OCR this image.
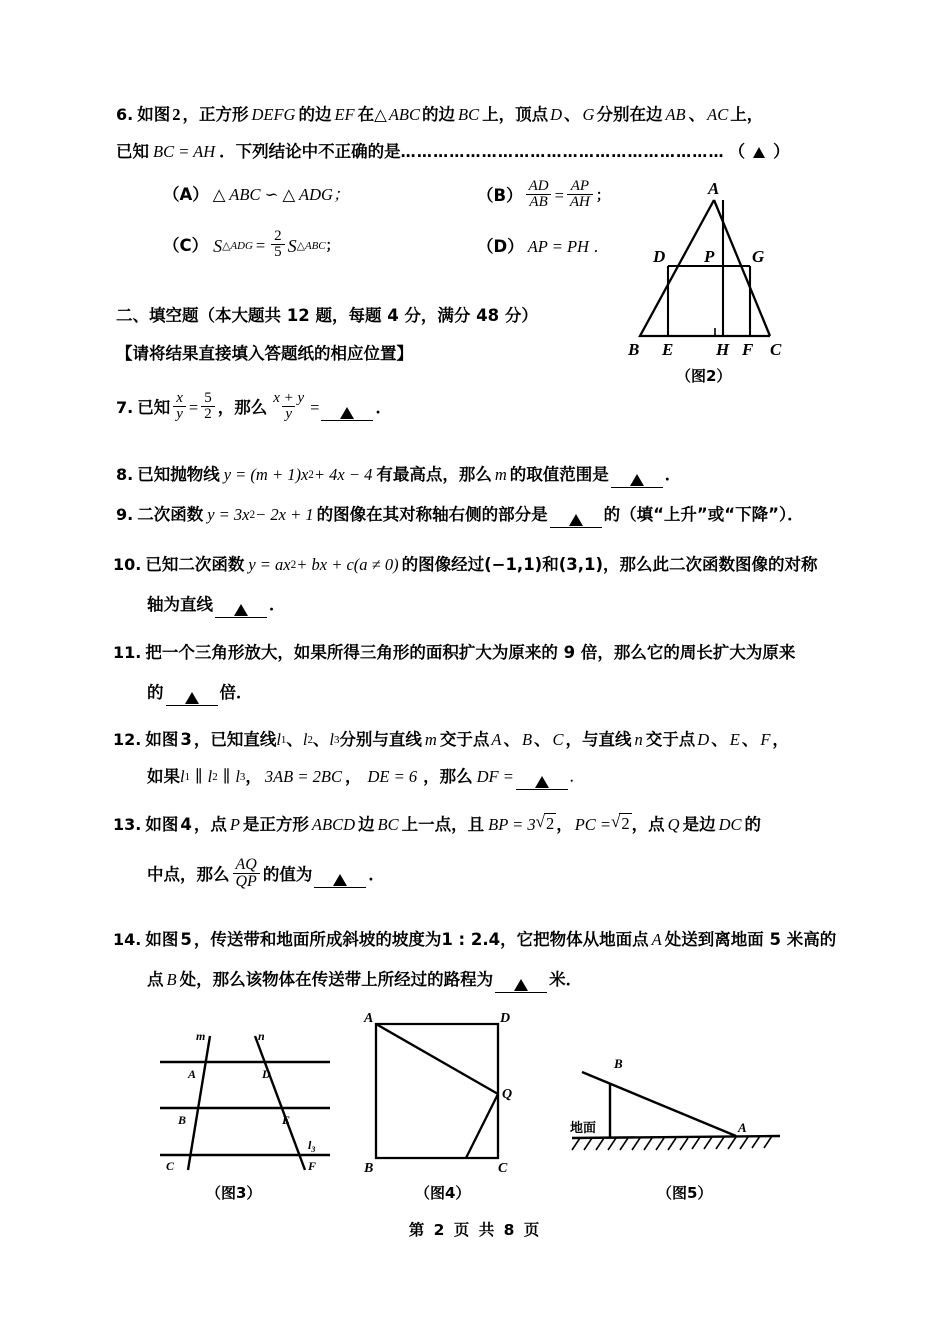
6. 如图 2 ，正方形 DEFG 的边 EF 在△ ABC 的边 BC 上，顶点 D 、 G 分别在边 AB 、 AC 上，
已知 BC = AH ．下列结论中不正确的是 …………………………………………………… （ ）
（A） △ ABC ∽ △ ADG；	$(B) \frac{AD}{AB} = \frac{AP}{AH}$ ；
（C） S △ADG = $\frac{2}{5}$ S △ABC ；	（D） AP = PH ．
A
B	C
D
E	F
G
H
P
（图2）
二、填空题（本大题共 12 题，每题 4 分，满分 48 分）
【请将结果直接填入答题纸的相应位置】
7. 已知 $\frac{x}{y} = \frac{5}{2}$ ，那么 $\frac{x + y}{y}$ =	．
8. 已知抛物线 y = (m + 1)x 2 + 4x − 4 有最高点，那么 m 的取值范围是	．
9. 二次函数 y = 3x 2 − 2x + 1 的图像在其对称轴右侧的部分是	的（填“上升”或“下降”）．
10. 已知二次函数 y = ax 2 + bx + c(a ≠ 0) 的图像经过(−1,1)和(3,1)，那么此二次函数图像的对称
轴为直线	．
11. 把一个三角形放大，如果所得三角形的面积扩大为原来的 9 倍，那么它的周长扩大为原来
的	倍．
12. 如图 3 ，已知直线 l 1 、 l 2 、 l 3 分别与直线 m 交于点 A 、 B 、 C ，与直线 n 交于点 D 、 E 、 F ，
如果 l 1 ∥ l 2 ∥ l 3 ， 3AB = 2BC ， DE = 6 ，那么 DF =	．
13. 如图 4 ，点 P 是正方形 ABCD 边 BC 上一点，且 BP = 3 √ 2 ， PC = √ 2 ，点 Q 是边 DC 的
中点，那么 $\frac{AQ}{QP}$ 的值为	．
14. 如图 5 ，传送带和地面所成斜坡的坡度为1 : 2.4，它把物体从地面点 A 处送到离地面 5 米高的
点 B 处，那么该物体在传送带上所经过的路程为	米．
m	n
A
B
C
D
E
F
$l_3$
（图3）
A	D
B	C
Q
（图4）
B
A
地面
（图5）
第 2 页 共 8 页
